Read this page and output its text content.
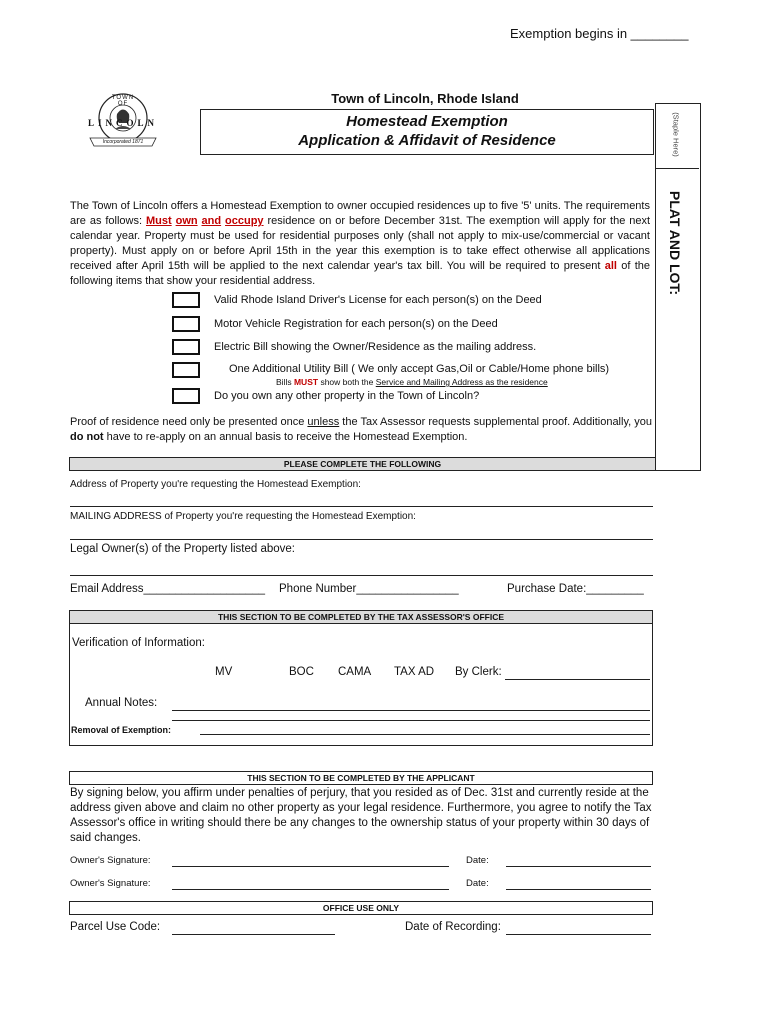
Exemption begins in ________
TOWN OF
LINCOLN
Incorporated 1871
Town of Lincoln, Rhode Island
Homestead Exemption
Application & Affidavit of Residence	(Staple Here)
PLAT AND LOT:
The Town of Lincoln offers a Homestead Exemption to owner occupied residences up to five '5' units. The requirements are as follows: Must own and occupy residence on or before December 31st. The exemption will apply for the next calendar year. Property must be used for residential purposes only (shall not apply to mix-use/commercial or vacant property). Must apply on or before April 15th in the year this exemption is to take effect otherwise all applications received after April 15th will be applied to the next calendar year's tax bill. You will be required to present all of the following items that show your residential address.
Valid Rhode Island Driver's License for each person(s) on the Deed
Motor Vehicle Registration for each person(s) on the Deed
Electric Bill showing the Owner/Residence as the mailing address.
One Additional Utility Bill ( We only accept Gas,Oil or Cable/Home phone bills)
Bills MUST show both the Service and Mailing Address as the residence
Do you own any other property in the Town of Lincoln?
Proof of residence need only be presented once unless the Tax Assessor requests supplemental proof. Additionally, you do not have to re-apply on an annual basis to receive the Homestead Exemption.
PLEASE COMPLETE THE FOLLOWING
Address of Property you're requesting the Homestead Exemption:
MAILING ADDRESS of Property you're requesting the Homestead Exemption:
Legal Owner(s) of the Property listed above:
Email Address___________________ Phone Number________________	Purchase Date:_________
THIS SECTION TO BE COMPLETED BY THE TAX ASSESSOR'S OFFICE
Verification of Information:
MV	BOC CAMA TAX AD By Clerk:
Annual Notes:
Removal of Exemption:
THIS SECTION TO BE COMPLETED BY THE APPLICANT
By signing below, you affirm under penalties of perjury, that you resided as of Dec. 31st and currently reside at the address given above and claim no other property as your legal residence. Furthermore, you agree to notify the Tax Assessor's office in writing should there be any changes to the ownership status of your property within 30 days of said changes.
Owner's Signature:	Date:
Owner's Signature:	Date:
OFFICE USE ONLY
Parcel Use Code:	Date of Recording:
